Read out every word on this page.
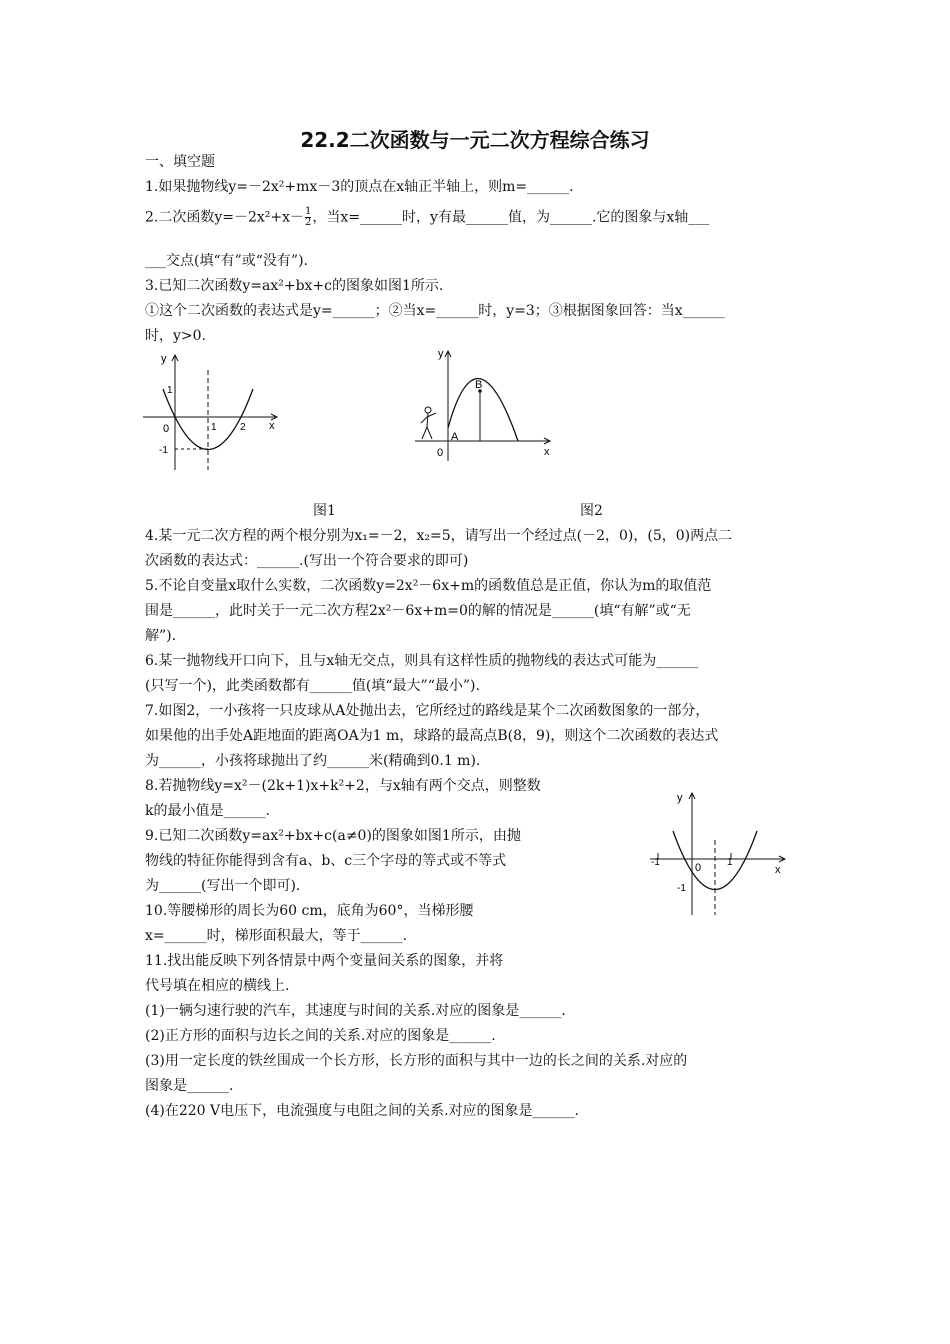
22.2二次函数与一元二次方程综合练习
一、填空题
1.如果抛物线y=－2x²+mx－3的顶点在x轴正半轴上，则m=______.
2.二次函数$y=-2x^2+x- \frac{1}{2}$ ，当x=______时，y有最______值，为______.它的图象与x轴___
___交点(填“有”或“没有”).
3.已知二次函数y=ax²+bx+c的图象如图1所示.
①这个二次函数的表达式是y=______；②当x=______时，y=3；③根据图象回答：当x______
时，y>0.
y
x
1
0
-1
1 2
y
x
B
A
0
图1	图2
4.某一元二次方程的两个根分别为x₁=－2，x₂=5，请写出一个经过点(－2，0)，(5，0)两点二
次函数的表达式：______.(写出一个符合要求的即可)
5.不论自变量x取什么实数，二次函数y=2x²－6x+m的函数值总是正值，你认为m的取值范
围是______，此时关于一元二次方程2x²－6x+m=0的解的情况是______(填“有解”或“无
解”).
6.某一抛物线开口向下，且与x轴无交点，则具有这样性质的抛物线的表达式可能为______
(只写一个)，此类函数都有______值(填“最大”“最小”).
7.如图2，一小孩将一只皮球从A处抛出去，它所经过的路线是某个二次函数图象的一部分，
如果他的出手处A距地面的距离OA为1 m，球路的最高点B(8，9)，则这个二次函数的表达式
为______，小孩将球抛出了约______米(精确到0.1 m).
8.若抛物线y=x²－(2k+1)x+k²+2，与x轴有两个交点，则整数
k的最小值是______.
9.已知二次函数y=ax²+bx+c(a≠0)的图象如图1所示，由抛
物线的特征你能得到含有a、b、c三个字母的等式或不等式
为______(写出一个即可).
10.等腰梯形的周长为60 cm，底角为60°，当梯形腰
x=______时，梯形面积最大，等于______.
11.找出能反映下列各情景中两个变量间关系的图象，并将
代号填在相应的横线上.
(1)一辆匀速行驶的汽车，其速度与时间的关系.对应的图象是______.
(2)正方形的面积与边长之间的关系.对应的图象是______.
(3)用一定长度的铁丝围成一个长方形，长方形的面积与其中一边的长之间的关系.对应的
图象是______.
(4)在220 V电压下，电流强度与电阻之间的关系.对应的图象是______.
y
x
-1	0	1
-1
